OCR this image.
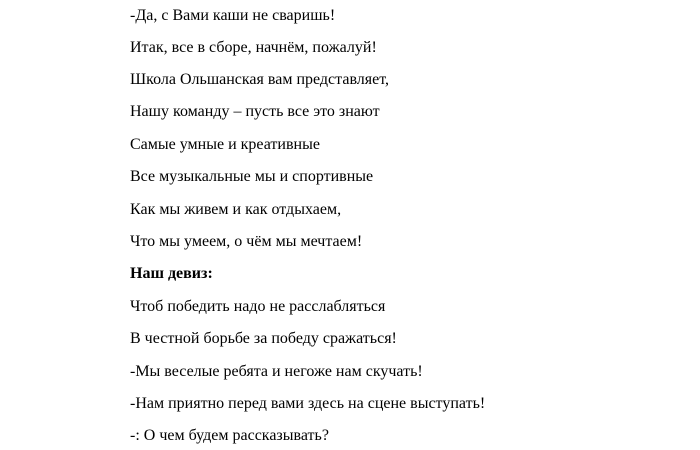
-Да, с Вами каши не сваришь!
Итак, все в сборе, начнём, пожалуй!
Школа Ольшанская вам представляет,
Нашу команду – пусть все это знают
Самые умные и креативные
Все музыкальные мы и спортивные
Как мы живем и как отдыхаем,
Что мы умеем, о чём мы мечтаем!
Наш девиз:
Чтоб победить надо не расслабляться
В честной борьбе за победу сражаться!
-Мы веселые ребята и негоже нам скучать!
-Нам приятно перед вами здесь на сцене выступать!
-: О чем будем рассказывать?
